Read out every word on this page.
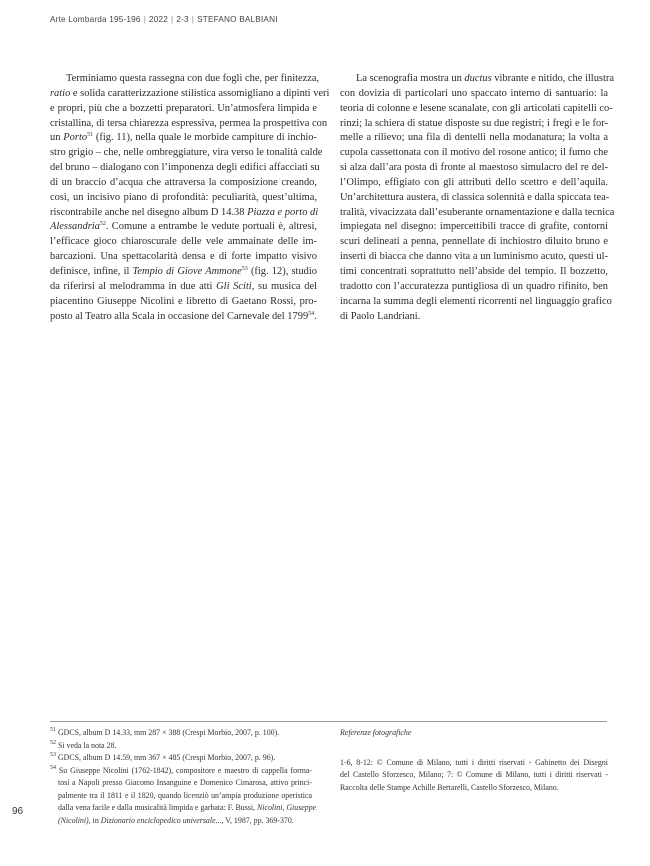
Arte Lombarda 195-196 | 2022 | 2-3 | STEFANO BALBIANI
Terminiamo questa rassegna con due fogli che, per finitezza,
ratio e solida caratterizzazione stilistica assomigliano a dipinti veri
e propri, più che a bozzetti preparatori. Un’atmosfera limpida e
cristallina, di tersa chiarezza espressiva, permea la prospettiva con
un Porto$^{51}$ (fig. 11), nella quale le morbide campiture di inchio-
stro grigio – che, nelle ombreggiature, vira verso le tonalità calde
del bruno – dialogano con l’imponenza degli edifici affacciati su
di un braccio d’acqua che attraversa la composizione creando,
così, un incisivo piano di profondità: peculiarità, quest’ultima,
riscontrabile anche nel disegno album D 14.38 Piazza e porto di
Alessandria$^{52}$. Comune a entrambe le vedute portuali è, altresì,
l’efficace gioco chiaroscurale delle vele ammainate delle im-
barcazioni. Una spettacolarità densa e di forte impatto visivo
definisce, infine, il Tempio di Giove Ammone$^{53}$ (fig. 12), studio
da riferirsi al melodramma in due atti Gli Sciti, su musica del
piacentino Giuseppe Nicolini e libretto di Gaetano Rossi, pro-
posto al Teatro alla Scala in occasione del Carnevale del 1799$^{54}$.
La scenografia mostra un ductus vibrante e nitido, che illustra
con dovizia di particolari uno spaccato interno di santuario: la
teoria di colonne e lesene scanalate, con gli articolati capitelli co-
rinzi; la schiera di statue disposte su due registri; i fregi e le for-
melle a rilievo; una fila di dentelli nella modanatura; la volta a
cupola cassettonata con il motivo del rosone antico; il fumo che
si alza dall’ara posta di fronte al maestoso simulacro del re del-
l’Olimpo, effigiato con gli attributi dello scettro e dell’aquila.
Un’architettura austera, di classica solennità e dalla spiccata tea-
tralità, vivacizzata dall’esuberante ornamentazione e dalla tecnica
impiegata nel disegno: impercettibili tracce di grafite, contorni
scuri delineati a penna, pennellate di inchiostro diluito bruno e
inserti di biacca che danno vita a un luminismo acuto, questi ul-
timi concentrati soprattutto nell’abside del tempio. Il bozzetto,
tradotto con l’accuratezza puntigliosa di un quadro rifinito, ben
incarna la summa degli elementi ricorrenti nel linguaggio grafico
di Paolo Landriani.
$^{51}$ GDCS, album D 14.33, mm 287 × 388 (Crespi Morbio, 2007, p. 100).
$^{52}$ Si veda la nota 28.
$^{53}$ GDCS, album D 14.59, mm 367 × 485 (Crespi Morbio, 2007, p. 96).
$^{54}$ Su Giuseppe Nicolini (1762-1842), compositore e maestro di cappella forma-
tosi a Napoli presso Giacomo Insanguine e Domenico Cimarosa, attivo princi-
palmente tra il 1811 e il 1820, quando licenziò un’ampia produzione operistica
dalla vena facile e dalla musicalità limpida e garbata: F. Bussi, Nicolini, Giuseppe
(Nicolini), in Dizionario enciclopedico universale..., V, 1987, pp. 369-370.
Referenze fotografiche
1-6, 8-12: © Comune di Milano, tutti i diritti riservati - Gabinetto dei Disegni
del Castello Sforzesco, Milano; 7: © Comune di Milano, tutti i diritti riservati -
Raccolta delle Stampe Achille Bertarelli, Castello Sforzesco, Milano.
96
